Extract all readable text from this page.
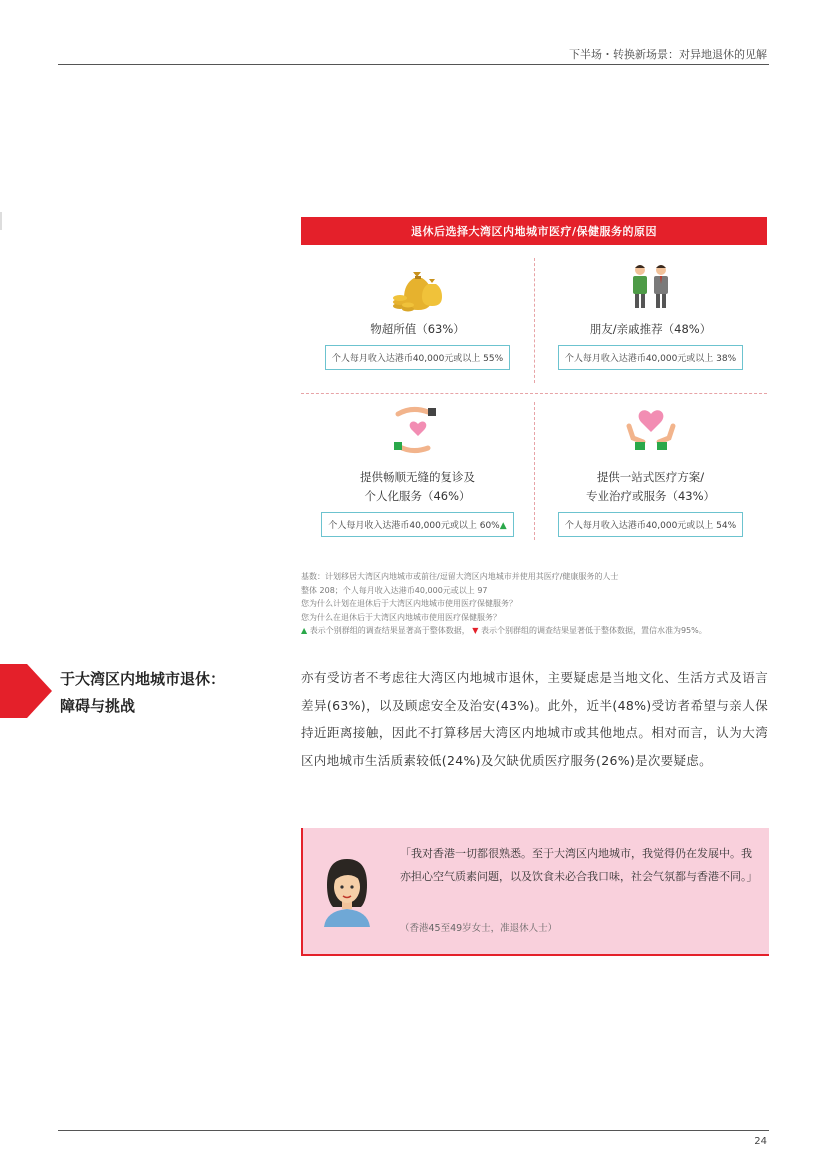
下半场・转换新场景：对异地退休的见解
退休后选择大湾区内地城市医疗/保健服务的原因
物超所值（63%）
个人每月收入达港币40,000元或以上 55%
朋友/亲戚推荐（48%）
个人每月收入达港币40,000元或以上 38%
提供畅顺无缝的复诊及
个人化服务（46%）
个人每月收入达港币40,000元或以上 60%▲
提供一站式医疗方案/
专业治疗或服务（43%）
个人每月收入达港币40,000元或以上 54%
基数：计划移居大湾区内地城市或前往/逗留大湾区内地城市并使用其医疗/健康服务的人士
整体 208；个人每月收入达港币40,000元或以上 97
您为什么计划在退休后于大湾区内地城市使用医疗保健服务？
您为什么在退休后于大湾区内地城市使用医疗保健服务？
▲ 表示个别群组的调查结果显著高于整体数据， ▼ 表示个别群组的调查结果显著低于整体数据，置信水准为95%。
于大湾区内地城市退休：
障碍与挑战
亦有受访者不考虑往大湾区内地城市退休，主要疑虑是当地文化、生活方式及语言差异(63%)，以及顾虑安全及治安(43%)。此外，近半(48%)受访者希望与亲人保持近距离接触，因此不打算移居大湾区内地城市或其他地点。相对而言，认为大湾区内地城市生活质素较低(24%)及欠缺优质医疗服务(26%)是次要疑虑。
「我对香港一切都很熟悉。至于大湾区内地城市，我觉得仍在发展中。我亦担心空气质素问题，以及饮食未必合我口味，社会气氛都与香港不同。」
（香港45至49岁女士，准退休人士）
24
